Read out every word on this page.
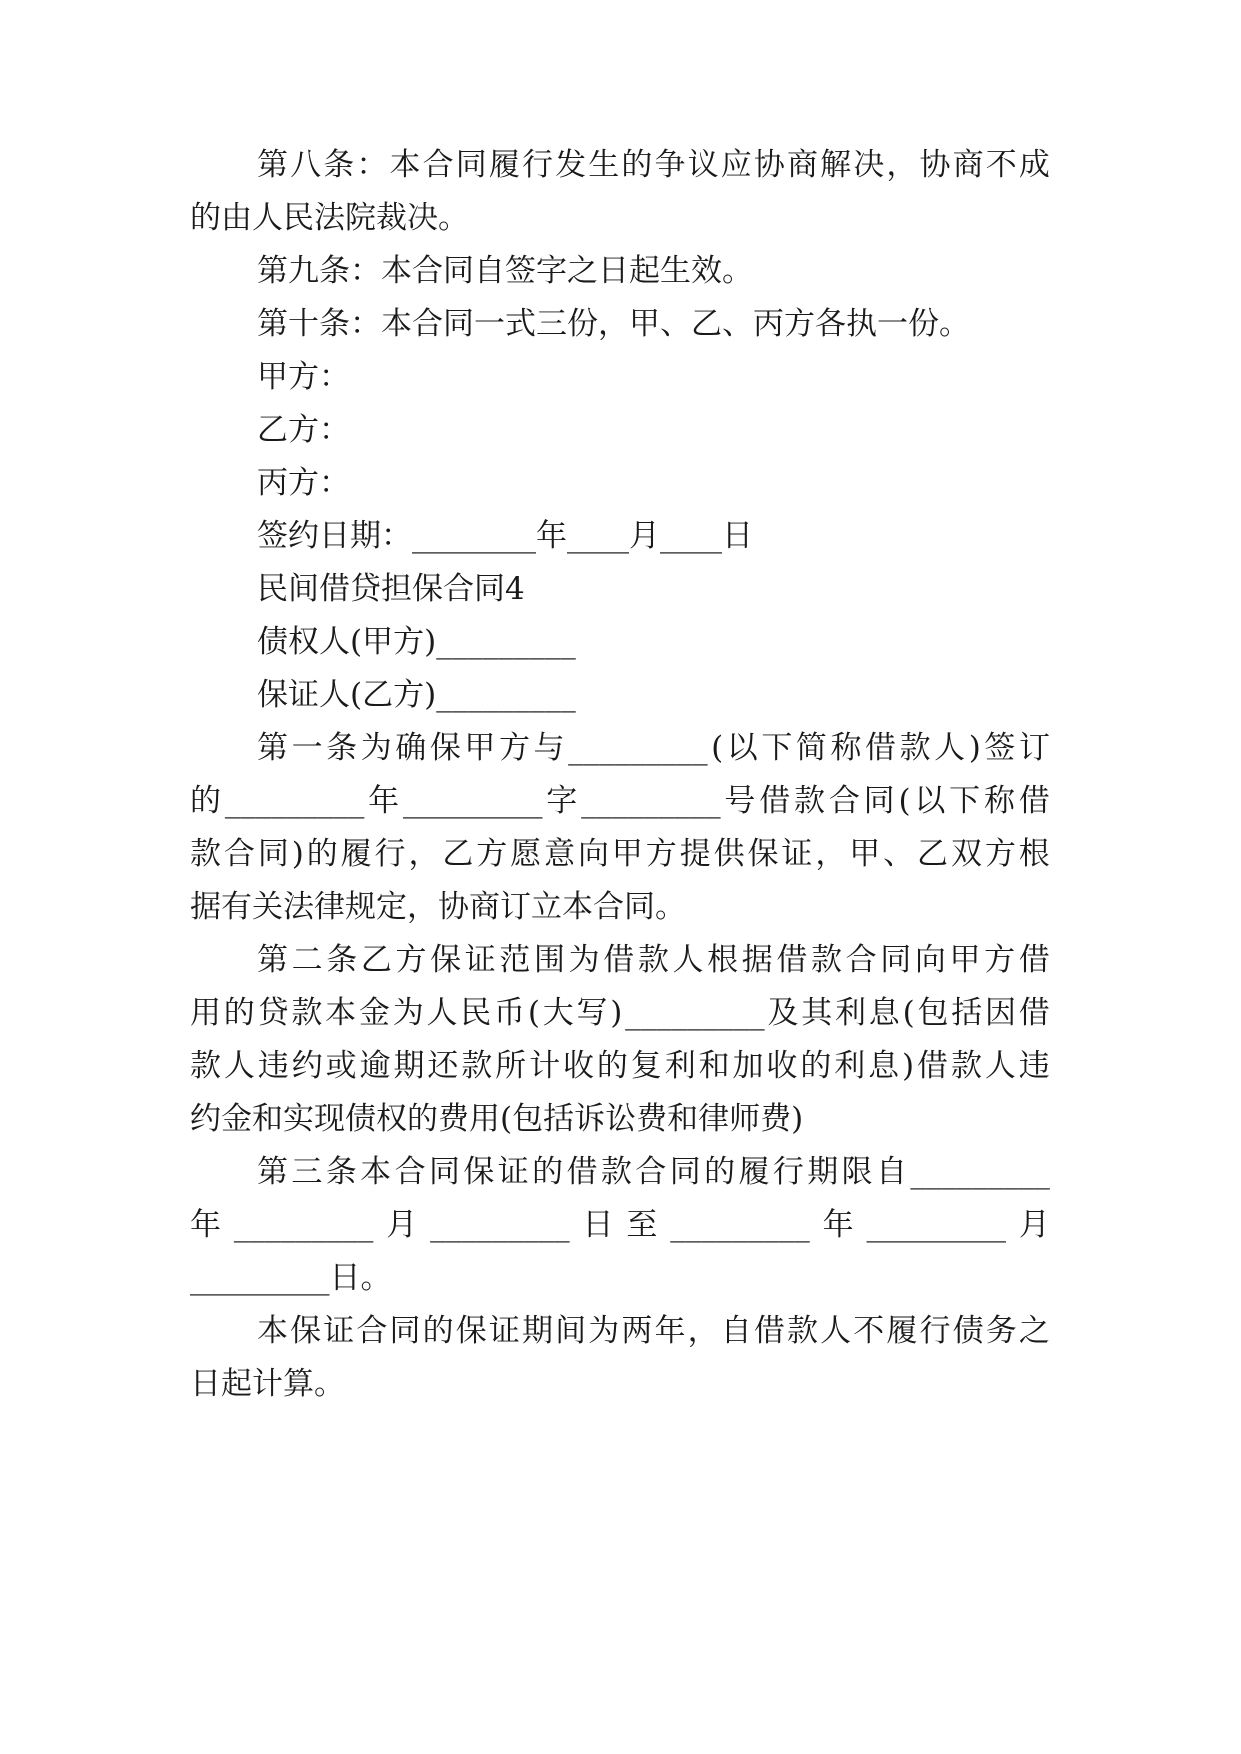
第 八 条 ： 本 合 同 履 行 发 生 的 争 议 应 协 商 解 决 ， 协 商 不 成
的由人民法院裁决。
第九条：本合同自签字之日起生效。
第十条：本合同一式三份，甲、乙、丙方各执一份。
甲方：
乙方：
丙方：
签约日期：________年____月____日
民间借贷担保合同4
债权人(甲方)_________
保证人(乙方)_________
第 一 条 为 确 保 甲 方 与 _________ ( 以 下 简 称 借 款 人 ) 签 订
的 _________ 年 _________ 字 _________ 号 借 款 合 同 ( 以 下 称 借
款 合 同 ) 的 履 行 ， 乙 方 愿 意 向 甲 方 提 供 保 证 ， 甲 、 乙 双 方 根
据有关法律规定，协商订立本合同。
第 二 条 乙 方 保 证 范 围 为 借 款 人 根 据 借 款 合 同 向 甲 方 借
用 的 贷 款 本 金 为 人 民 币 ( 大 写 ) _________ 及 其 利 息 ( 包 括 因 借
款 人 违 约 或 逾 期 还 款 所 计 收 的 复 利 和 加 收 的 利 息 ) 借 款 人 违
约金和实现债权的费用(包括诉讼费和律师费)
第 三 条 本 合 同 保 证 的 借 款 合 同 的 履 行 期 限 自 _________
年 _________ 月 _________ 日 至 _________ 年 _________ 月
_________日。
本 保 证 合 同 的 保 证 期 间 为 两 年 ， 自 借 款 人 不 履 行 债 务 之
日起计算。
